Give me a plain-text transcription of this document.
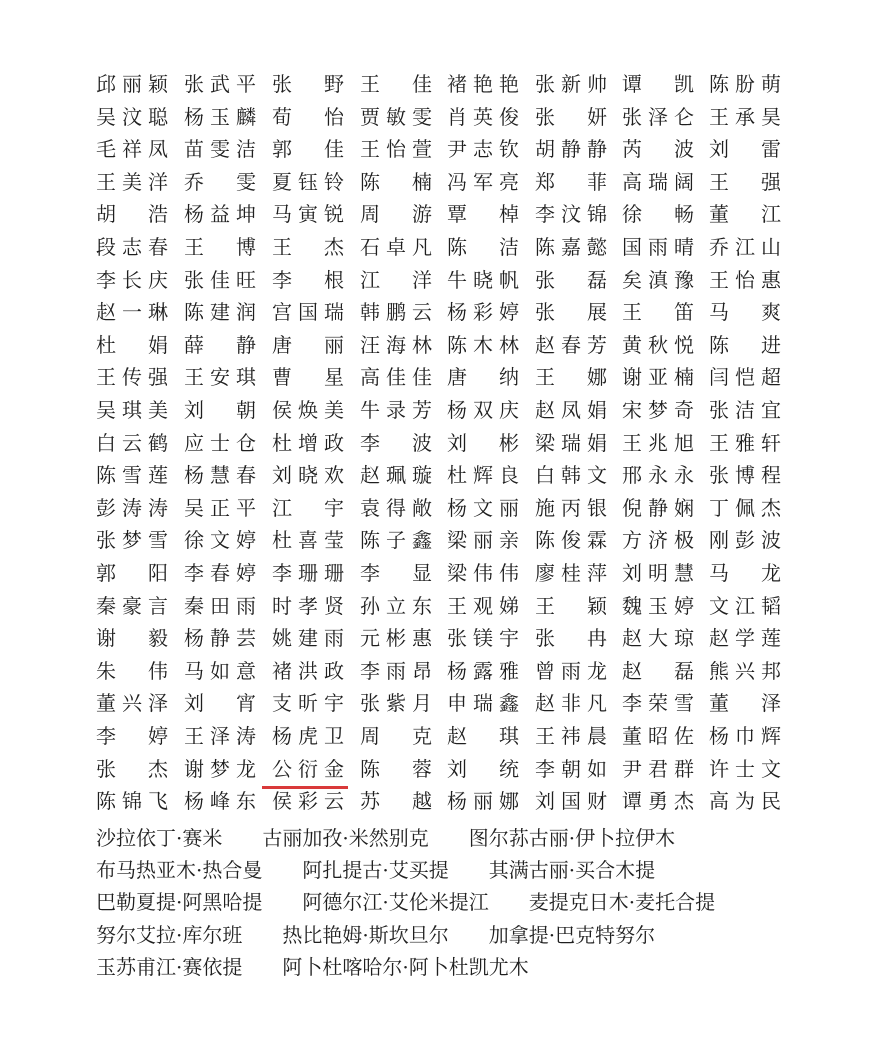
邱 丽 颖 张 武 平 张 野 王 佳 褚 艳 艳 张 新 帅 谭 凯 陈 朌 萌
吴 汶 聪 杨 玉 麟 荀 怡 贾 敏 雯 肖 英 俊 张 妍 张 泽 仑 王 承 昊
毛 祥 凤 苗 雯 洁 郭 佳 王 怡 萱 尹 志 钦 胡 静 静 芮 波 刘 雷
王 美 洋 乔 雯 夏 钰 铃 陈 楠 冯 军 亮 郑 菲 高 瑞 阔 王 强
胡 浩 杨 益 坤 马 寅 锐 周 游 覃 棹 李 汶 锦 徐 畅 董 江
段 志 春 王 博 王 杰 石 卓 凡 陈 洁 陈 嘉 懿 国 雨 晴 乔 江 山
李 长 庆 张 佳 旺 李 根 江 洋 牛 晓 帆 张 磊 矣 滇 豫 王 怡 惠
赵 一 琳 陈 建 润 宫 国 瑞 韩 鹏 云 杨 彩 婷 张 展 王 笛 马 爽
杜 娟 薛 静 唐 丽 汪 海 林 陈 木 林 赵 春 芳 黄 秋 悦 陈 进
王 传 强 王 安 琪 曹 星 高 佳 佳 唐 纳 王 娜 谢 亚 楠 闫 恺 超
吴 琪 美 刘 朝 侯 焕 美 牛 录 芳 杨 双 庆 赵 凤 娟 宋 梦 奇 张 洁 宜
白 云 鹤 应 士 仓 杜 增 政 李 波 刘 彬 梁 瑞 娟 王 兆 旭 王 雅 轩
陈 雪 莲 杨 慧 春 刘 晓 欢 赵 珮 璇 杜 辉 良 白 韩 文 邢 永 永 张 博 程
彭 涛 涛 吴 正 平 江 宇 袁 得 敞 杨 文 丽 施 丙 银 倪 静 娴 丁 佩 杰
张 梦 雪 徐 文 婷 杜 喜 莹 陈 子 鑫 梁 丽 亲 陈 俊 霖 方 济 极 刚 彭 波
郭 阳 李 春 婷 李 珊 珊 李 显 梁 伟 伟 廖 桂 萍 刘 明 慧 马 龙
秦 豪 言 秦 田 雨 时 孝 贤 孙 立 东 王 观 娣 王 颖 魏 玉 婷 文 江 韬
谢 毅 杨 静 芸 姚 建 雨 元 彬 惠 张 镁 宇 张 冉 赵 大 琼 赵 学 莲
朱 伟 马 如 意 褚 洪 政 李 雨 昂 杨 露 雅 曾 雨 龙 赵 磊 熊 兴 邦
董 兴 泽 刘 宵 支 昕 宇 张 紫 月 申 瑞 鑫 赵 非 凡 李 荣 雪 董 泽
李 婷 王 泽 涛 杨 虎 卫 周 克 赵 琪 王 祎 晨 董 昭 佐 杨 巾 辉
张 杰 谢 梦 龙 公 衍 金 陈 蓉 刘 统 李 朝 如 尹 君 群 许 士 文
陈 锦 飞 杨 峰 东 侯 彩 云 苏 越 杨 丽 娜 刘 国 财 谭 勇 杰 高 为 民
沙拉依丁·赛米　　古丽加孜·米然别克　　图尔荪古丽·伊卜拉伊木
布马热亚木·热合曼　　阿扎提古·艾买提　　其满古丽·买合木提
巴勒夏提·阿黑哈提　　阿德尔江·艾伦米提江　　麦提克日木·麦托合提
努尔艾拉·库尔班　　热比艳姆·斯坎旦尔　　加拿提·巴克特努尔
玉苏甫江·赛依提　　阿卜杜喀哈尔·阿卜杜凯尤木
